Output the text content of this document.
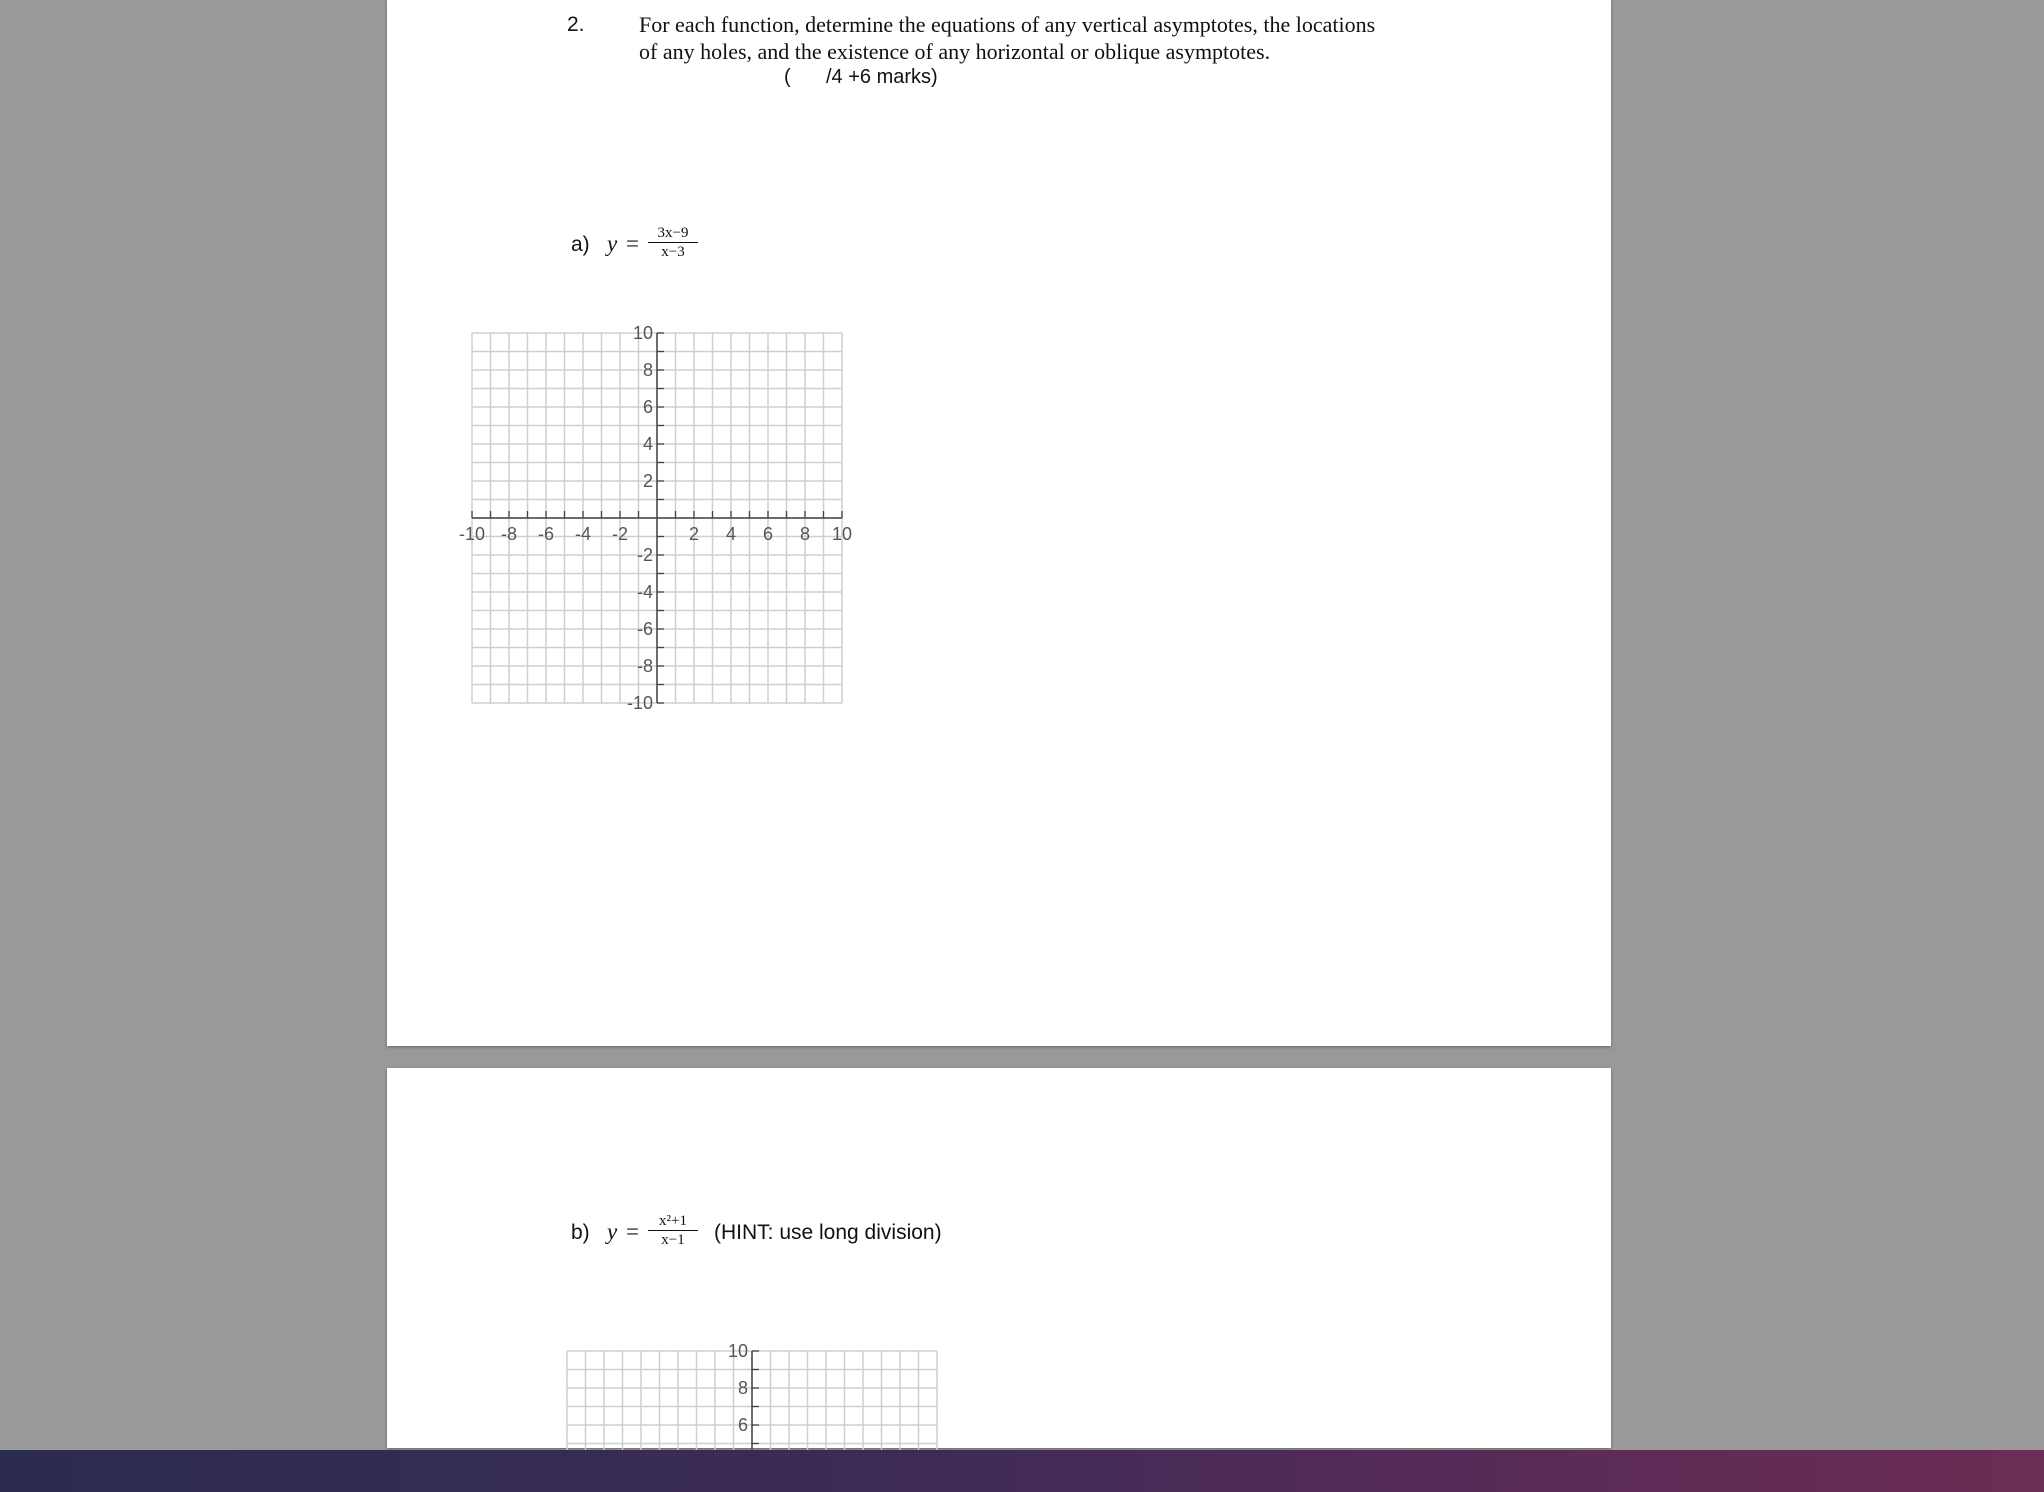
2. For each function, determine the equations of any vertical asymptotes, the locations
of any holes, and the existence of any horizontal or oblique asymptotes.
( /4 +6 marks)
a) $y = \frac{3x-9}{x-3}$
-10 -8 -6 -4 -2	2 4 6 8 10
10
8
6
4
2
-2
-4
-6
-8
-10
b) $y = \frac{\text{x²+1}}{x-1}$ (HINT: use long division)
10
8
6
